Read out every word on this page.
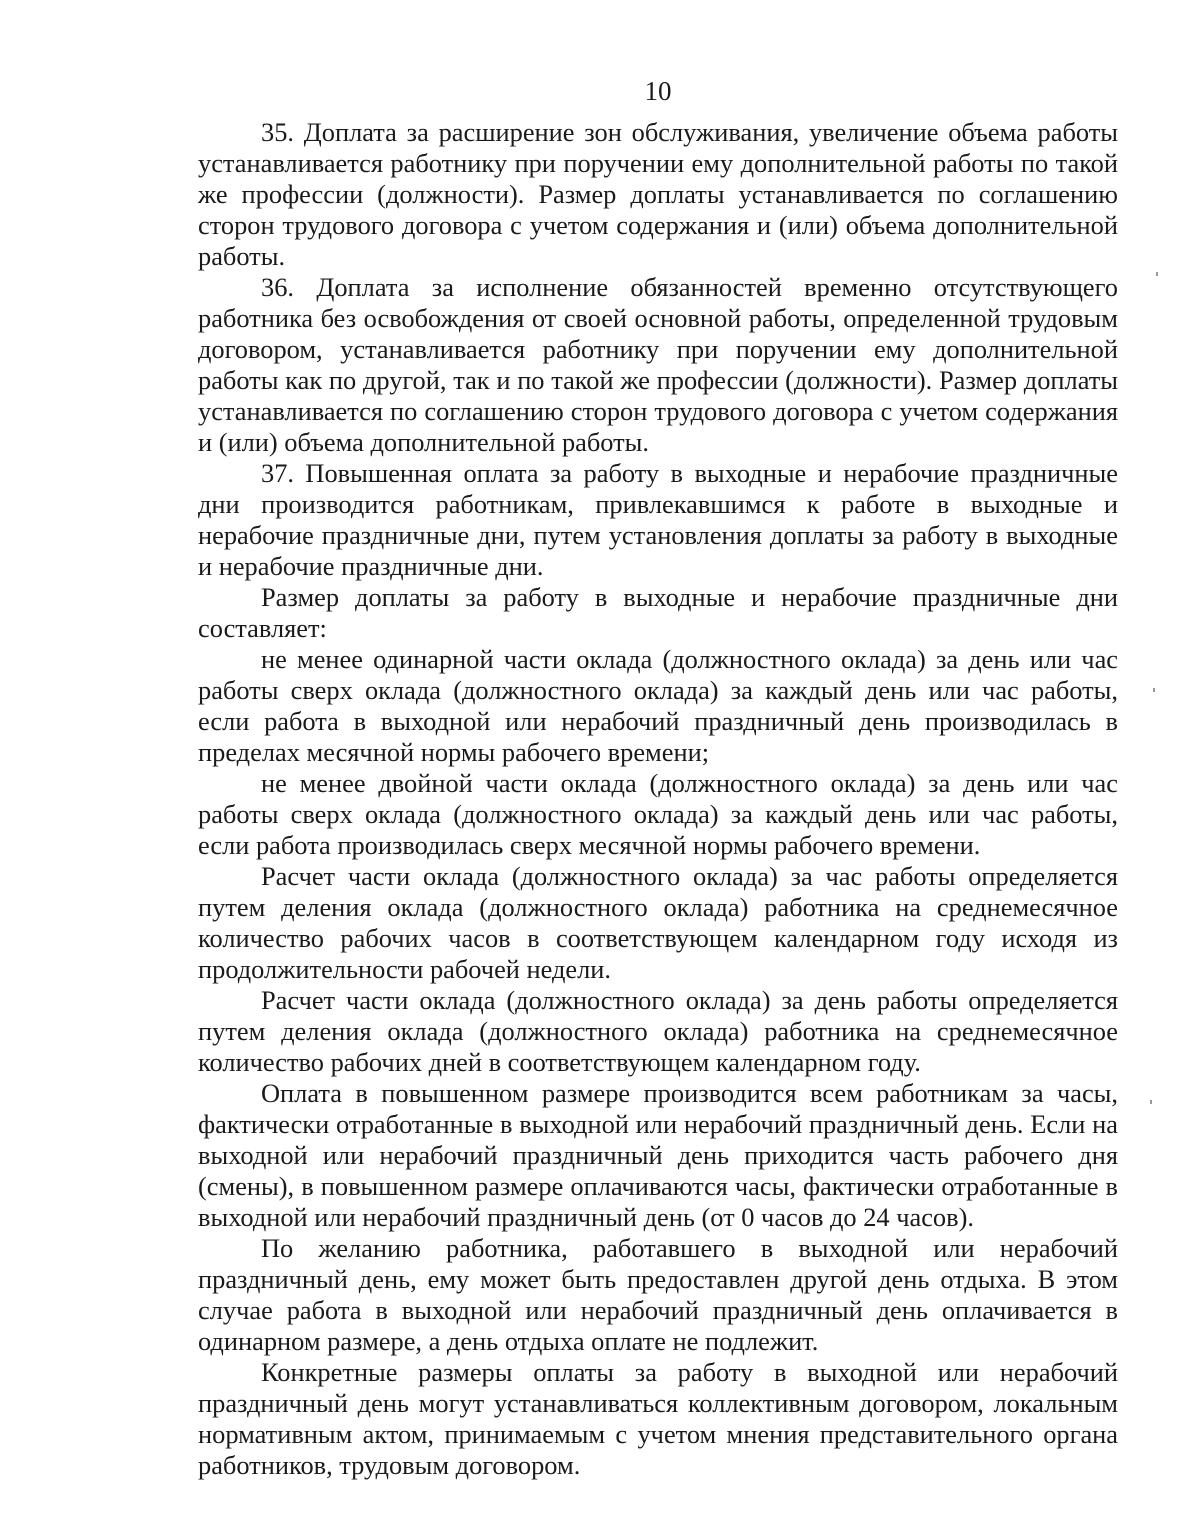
10

35. Доплата за расширение зон обслуживания, увеличение объема работы устанавливается работнику при поручении ему дополнительной работы по такой же профессии (должности). Размер доплаты устанавливается по соглашению сторон трудового договора с учетом содержания и (или) объема дополнительной работы.

36. Доплата за исполнение обязанностей временно отсутствующего работника без освобождения от своей основной работы, определенной трудовым договором, устанавливается работнику при поручении ему дополнительной работы как по другой, так и по такой же профессии (должности). Размер доплаты устанавливается по соглашению сторон трудового договора с учетом содержания и (или) объема дополнительной работы.

37. Повышенная оплата за работу в выходные и нерабочие праздничные дни производится работникам, привлекавшимся к работе в выходные и нерабочие праздничные дни, путем установления доплаты за работу в выходные и нерабочие праздничные дни.

Размер доплаты за работу в выходные и нерабочие праздничные дни составляет:

не менее одинарной части оклада (должностного оклада) за день или час работы сверх оклада (должностного оклада) за каждый день или час работы, если работа в выходной или нерабочий праздничный день производилась в пределах месячной нормы рабочего времени;

не менее двойной части оклада (должностного оклада) за день или час работы сверх оклада (должностного оклада) за каждый день или час работы, если работа производилась сверх месячной нормы рабочего времени.

Расчет части оклада (должностного оклада) за час работы определяется путем деления оклада (должностного оклада) работника на среднемесячное количество рабочих часов в соответствующем календарном году исходя из продолжительности рабочей недели.

Расчет части оклада (должностного оклада) за день работы определяется путем деления оклада (должностного оклада) работника на среднемесячное количество рабочих дней в соответствующем календарном году.

Оплата в повышенном размере производится всем работникам за часы, фактически отработанные в выходной или нерабочий праздничный день. Если на выходной или нерабочий праздничный день приходится часть рабочего дня (смены), в повышенном размере оплачиваются часы, фактически отработанные в выходной или нерабочий праздничный день (от 0 часов до 24 часов).

По желанию работника, работавшего в выходной или нерабочий праздничный день, ему может быть предоставлен другой день отдыха. В этом случае работа в выходной или нерабочий праздничный день оплачивается в одинарном размере, а день отдыха оплате не подлежит.

Конкретные размеры оплаты за работу в выходной или нерабочий праздничный день могут устанавливаться коллективным договором, локальным нормативным актом, принимаемым с учетом мнения представительного органа работников, трудовым договором.
